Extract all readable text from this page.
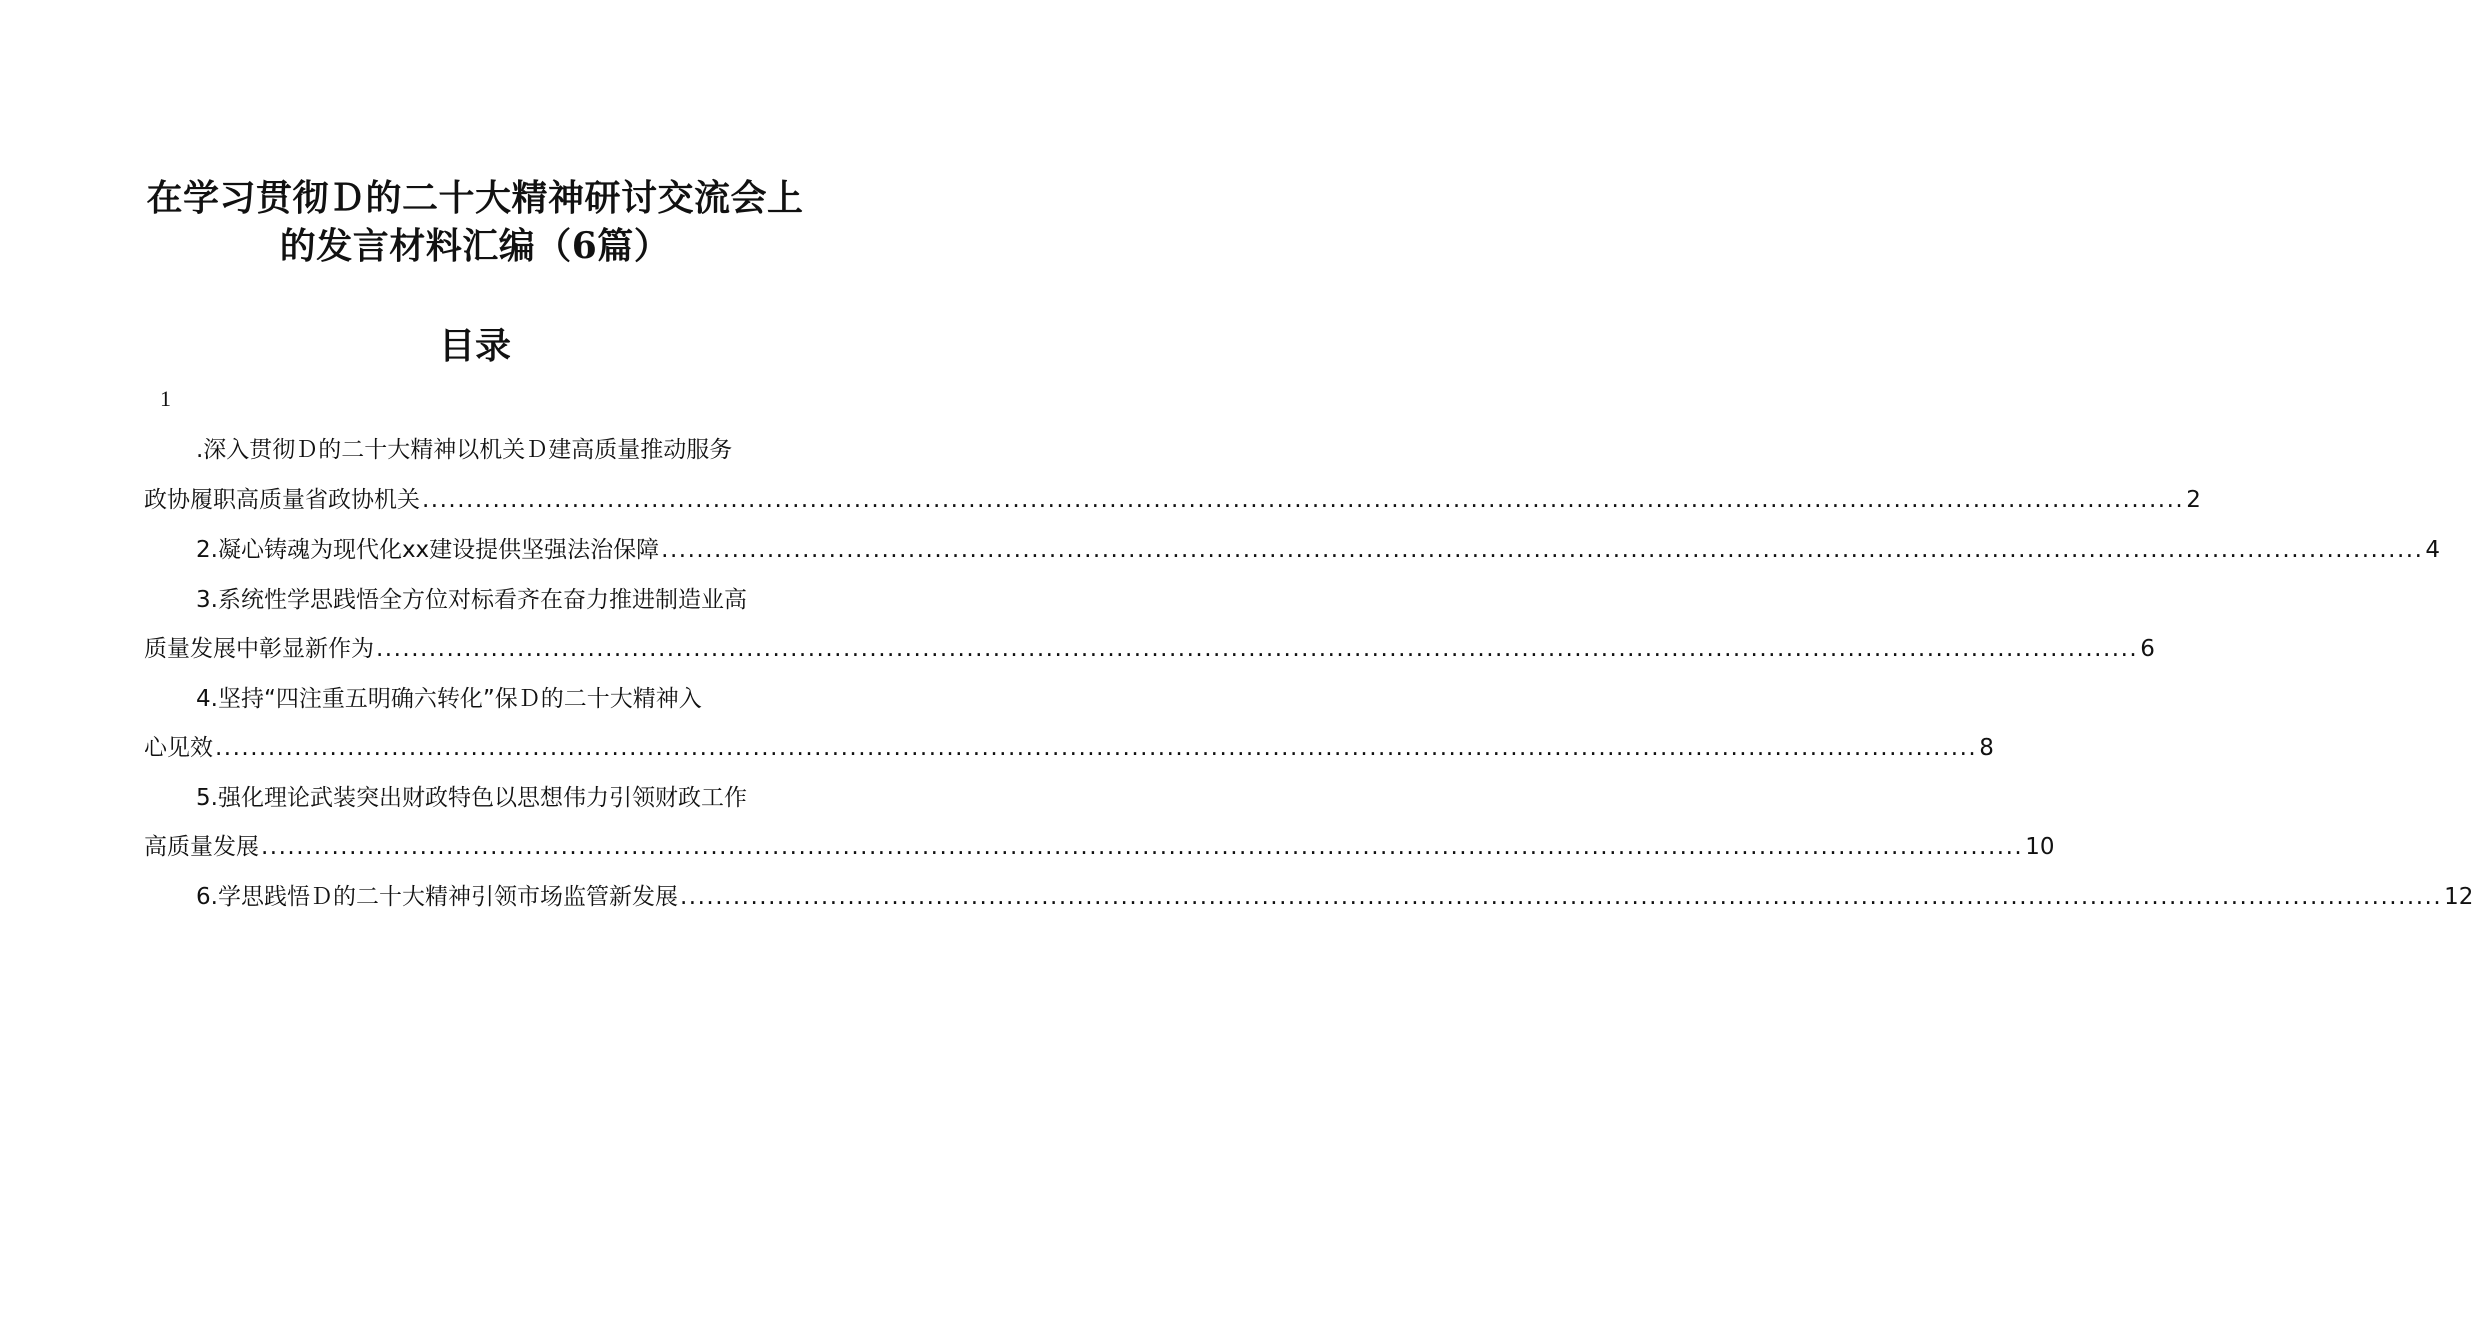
在学习贯彻Ｄ的二十大精神研讨交流会上
的发言材料汇编（6篇）
目录
1
.深入贯彻Ｄ的二十大精神以机关Ｄ建高质量推动服务
政协履职高质量省政协机关 ........................................................................................................................................................................................................ 2
2.凝心铸魂为现代化xx建设提供坚强法治保障 ........................................................................................................................................................................................................ 4
3.系统性学思践悟全方位对标看齐在奋力推进制造业高
质量发展中彰显新作为 ........................................................................................................................................................................................................ 6
4.坚持“四注重五明确六转化”保Ｄ的二十大精神入
心见效 ........................................................................................................................................................................................................ 8
5.强化理论武装突出财政特色以思想伟力引领财政工作
高质量发展 ........................................................................................................................................................................................................ 10
6.学思践悟Ｄ的二十大精神引领市场监管新发展 ........................................................................................................................................................................................................ 12
